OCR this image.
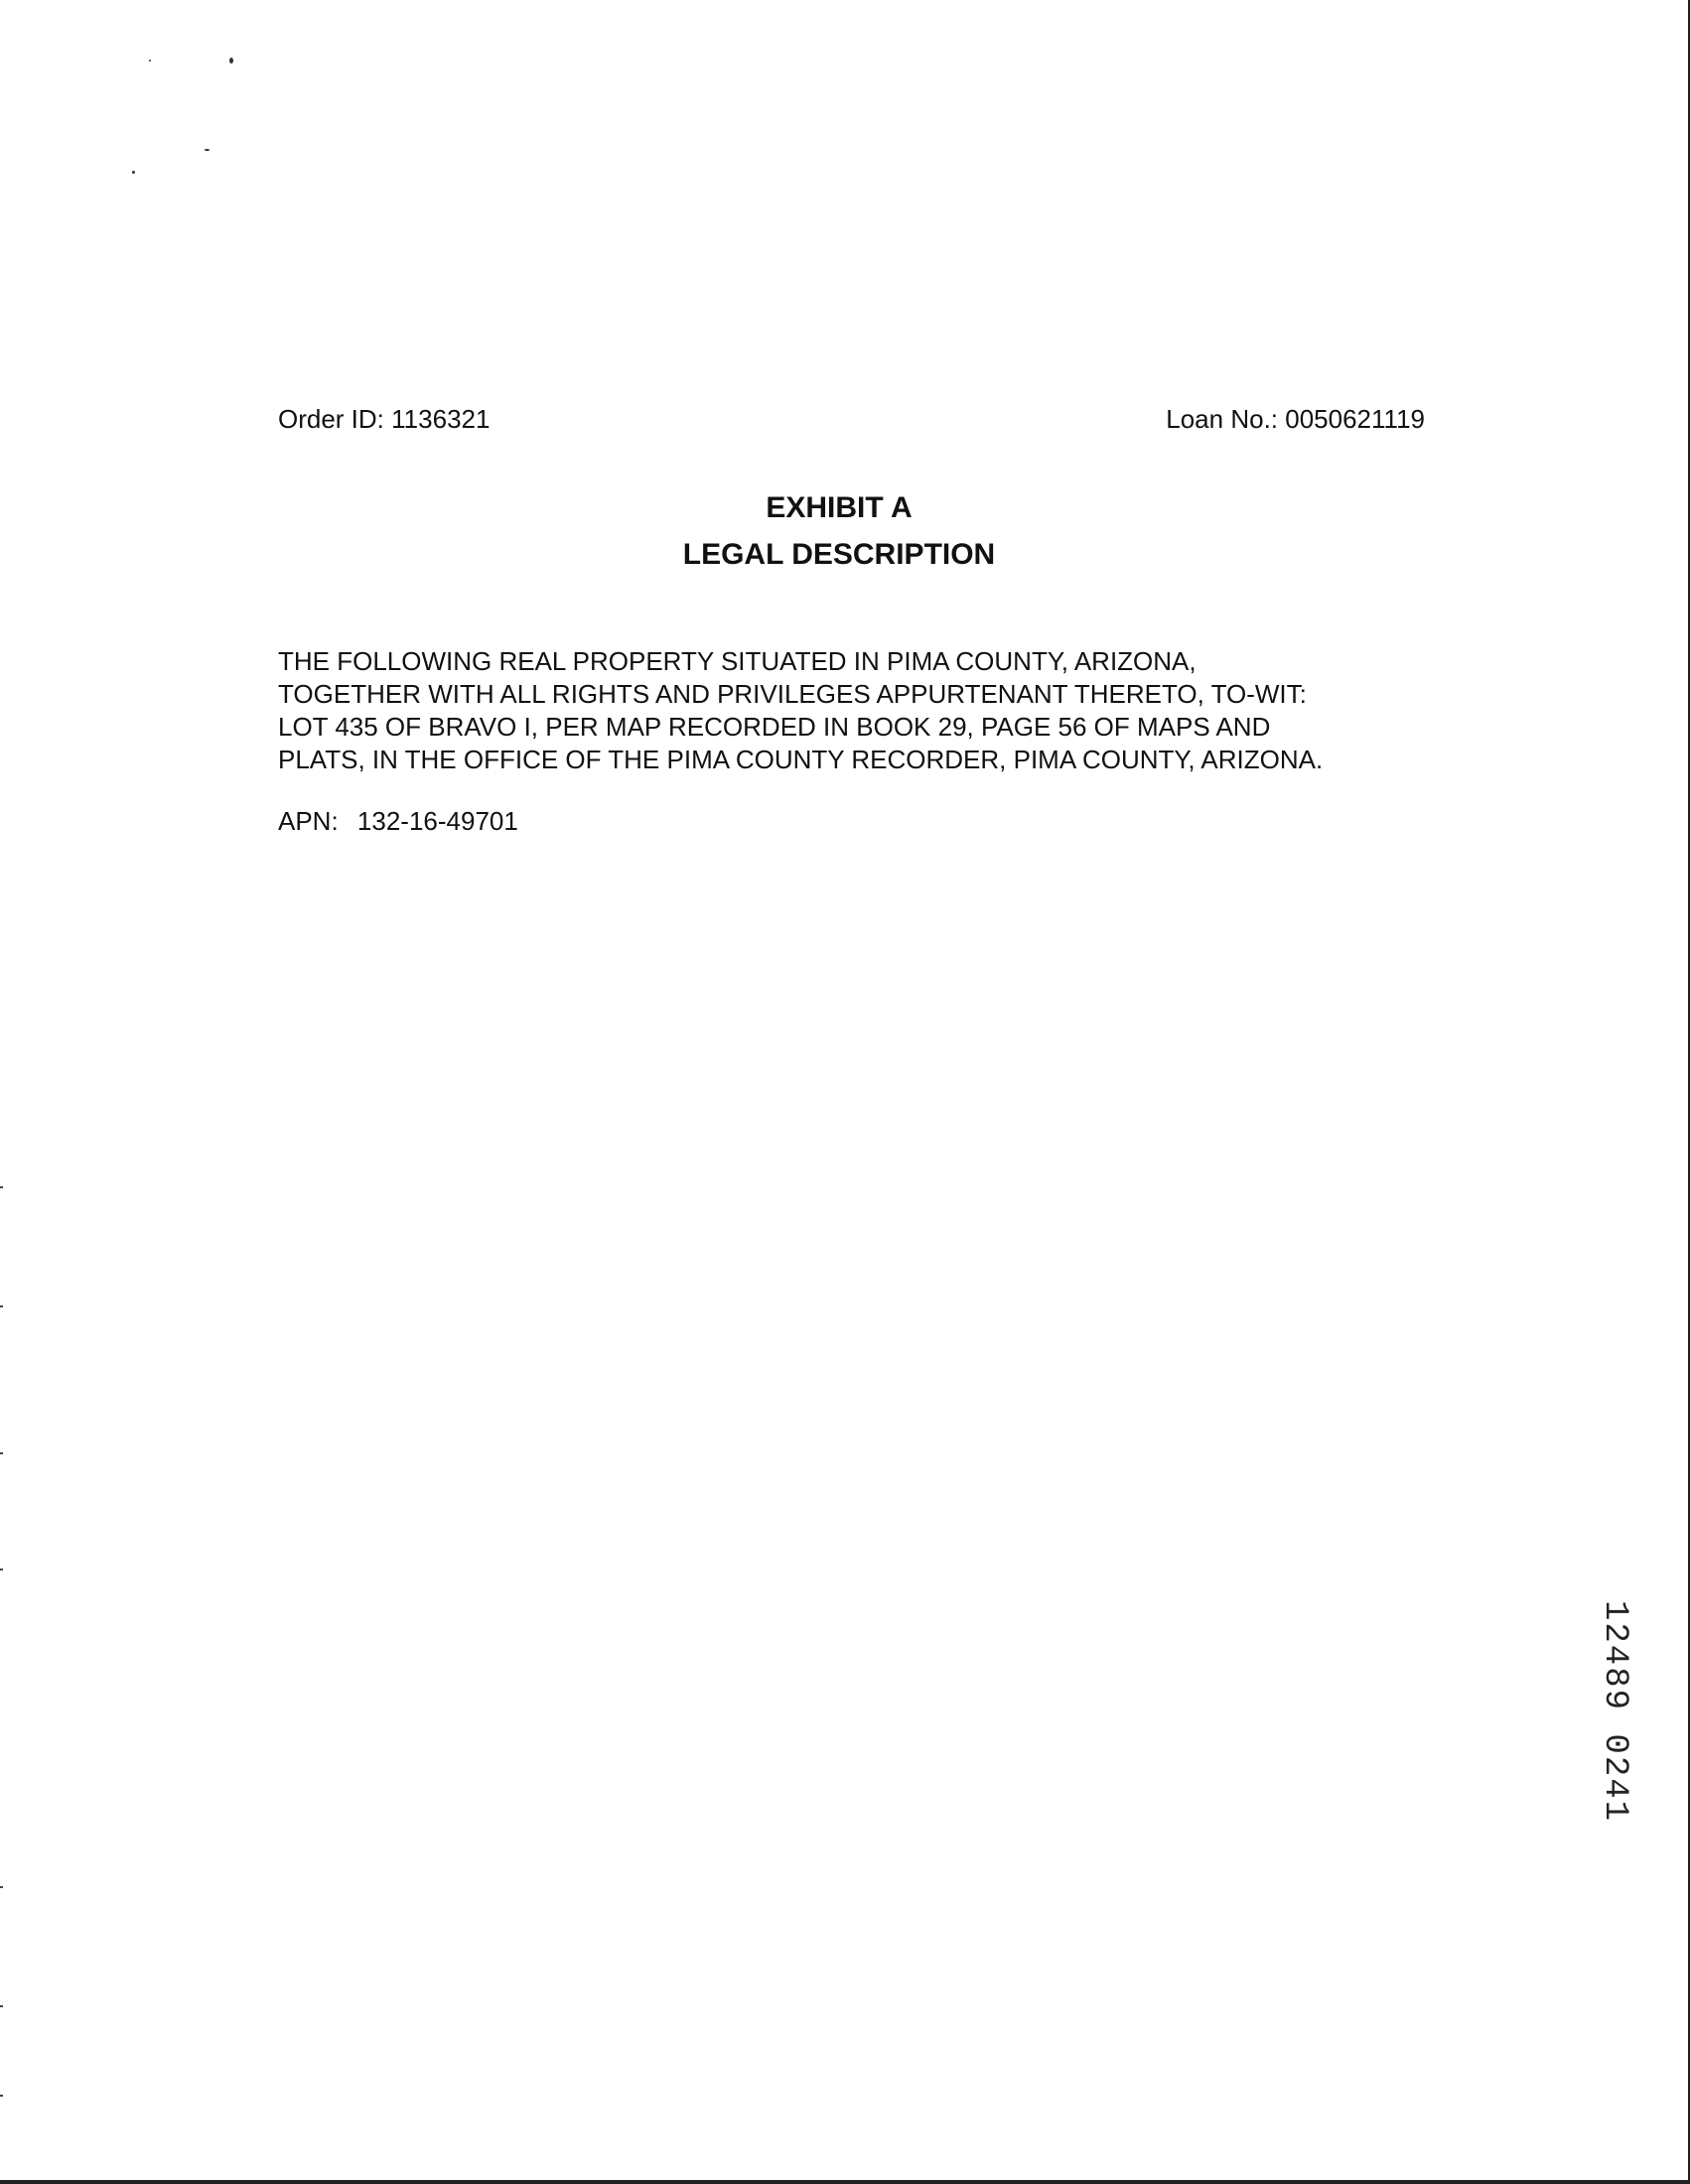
Order ID: 1136321	Loan No.: 0050621119
EXHIBIT A
LEGAL DESCRIPTION
THE FOLLOWING REAL PROPERTY SITUATED IN PIMA COUNTY, ARIZONA,
TOGETHER WITH ALL RIGHTS AND PRIVILEGES APPURTENANT THERETO, TO-WIT:
LOT 435 OF BRAVO I, PER MAP RECORDED IN BOOK 29, PAGE 56 OF MAPS AND
PLATS, IN THE OFFICE OF THE PIMA COUNTY RECORDER, PIMA COUNTY, ARIZONA.
APN: 132-16-49701
12489 0241
